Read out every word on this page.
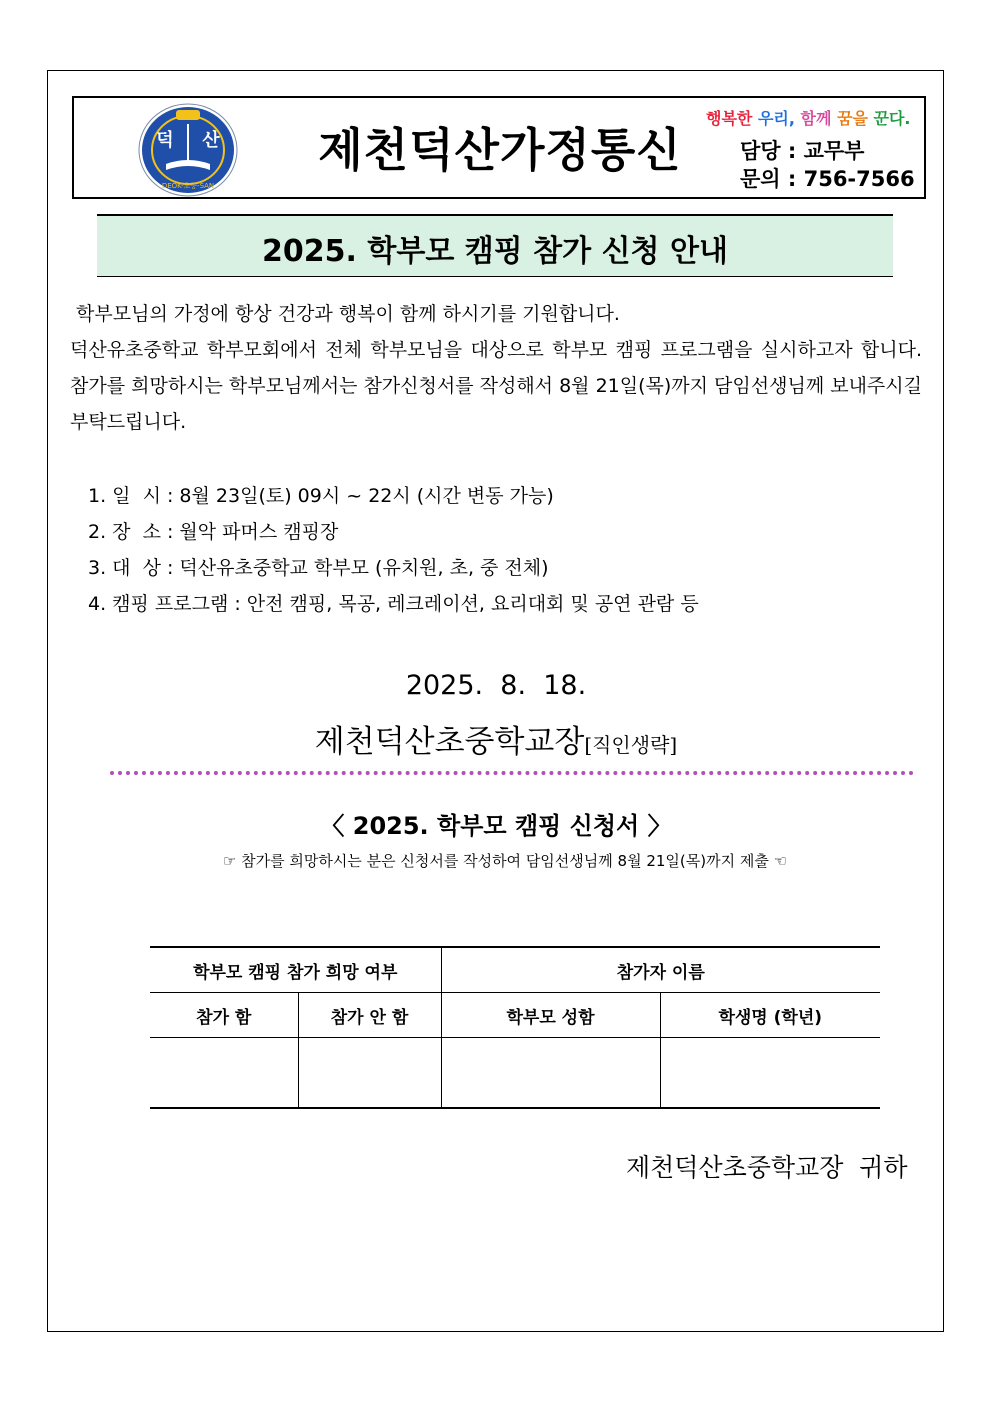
덕 산
DEOK-초중-SAN
제천덕산가정통신
행복한 우리, 함께 꿈을 꾼다.
담당 : 교무부
문의 : 756-7566
2025. 학부모 캠핑 참가 신청 안내

학부모님의 가정에 항상 건강과 행복이 함께 하시기를 기원합니다.

덕산유초중학교 학부모회에서 전체 학부모님을 대상으로 학부모 캠핑 프로그램을 실시하고자 합니다. 참가를 희망하시는 학부모님께서는 참가신청서를 작성해서 8월 21일(목)까지 담임선생님께 보내주시길 부탁드립니다.

1. 일  시 : 8월 23일(토) 09시 ~ 22시 (시간 변동 가능)
2. 장  소 : 월악 파머스 캠핑장
3. 대  상 : 덕산유초중학교 학부모 (유치원, 초, 중 전체)
4. 캠핑 프로그램 : 안전 캠핑, 목공, 레크레이션, 요리대회 및 공연 관람 등
2025.  8.  18.
제천덕산초중학교장[직인생략]
〈 2025. 학부모 캠핑 신청서 〉
☞ 참가를 희망하시는 분은 신청서를 작성하여 담임선생님께 8월 21일(목)까지 제출 ☜
학부모 캠핑 참가 희망 여부		참가자 이름	
참가 함	참가 안 함	학부모 성함	학생명 (학년)

제천덕산초중학교장  귀하
